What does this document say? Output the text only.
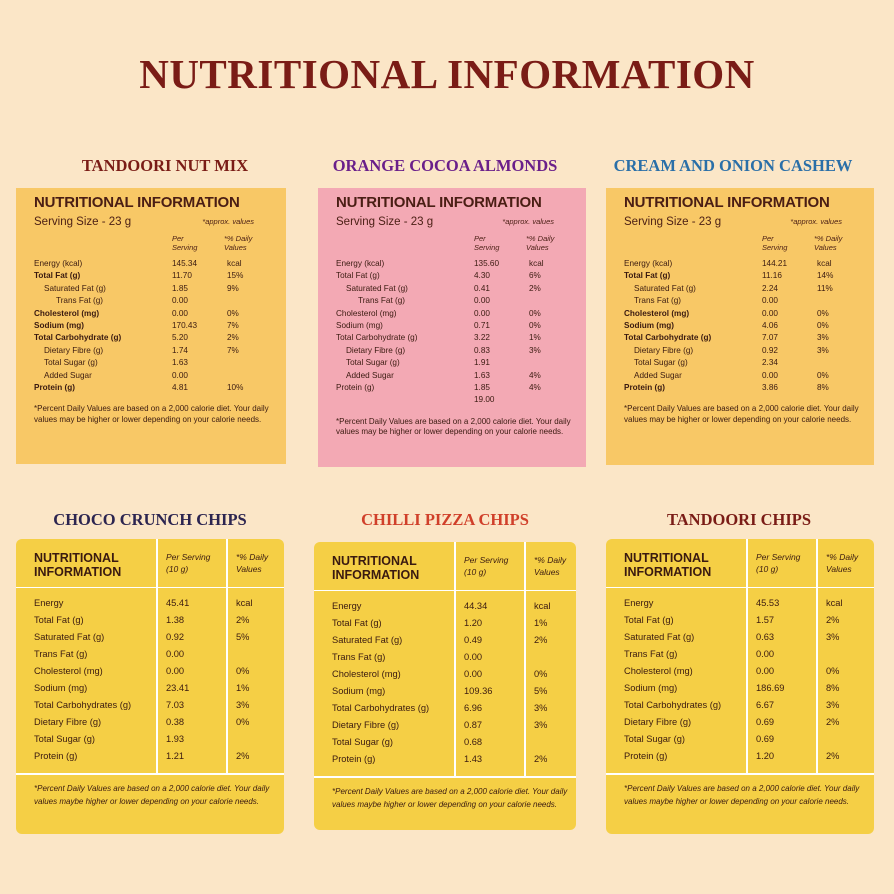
NUTRITIONAL INFORMATION
TANDOORI NUT MIX
NUTRITIONAL INFORMATION
Serving Size - 23 g	*approx. values
Per Serving
*% Daily Values
Energy (kcal)	145.34	kcal
Total Fat (g)	11.70	15%
Saturated Fat (g)	1.85	9%
Trans Fat (g)	0.00
Cholesterol (mg)	0.00	0%
Sodium (mg)	170.43	7%
Total Carbohydrate (g)	5.20	2%
Dietary Fibre (g)	1.74	7%
Total Sugar (g)	1.63
Added Sugar	0.00
Protein (g)	4.81	10%
*Percent Daily Values are based on a 2,000 calorie diet. Your daily values may be higher or lower depending on your calorie needs.
ORANGE COCOA ALMONDS
NUTRITIONAL INFORMATION
Serving Size - 23 g	*approx. values
Per Serving
*% Daily Values
Energy (kcal)	135.60	kcal
Total Fat (g)	4.30	6%
Saturated Fat (g)	0.41	2%
Trans Fat (g)	0.00
Cholesterol (mg)	0.00	0%
Sodium (mg)	0.71	0%
Total Carbohydrate (g)	3.22	1%
Dietary Fibre (g)	0.83	3%
Total Sugar (g)	1.91
Added Sugar	1.63	4%
Protein (g)	1.85	4%
19.00
*Percent Daily Values are based on a 2,000 calorie diet. Your daily values may be higher or lower depending on your calorie needs.
CREAM AND ONION CASHEW
NUTRITIONAL INFORMATION
Serving Size - 23 g	*approx. values
Per Serving
*% Daily Values
Energy (kcal)	144.21	kcal
Total Fat (g)	11.16	14%
Saturated Fat (g)	2.24	11%
Trans Fat (g)	0.00
Cholesterol (mg)	0.00	0%
Sodium (mg)	4.06	0%
Total Carbohydrate (g)	7.07	3%
Dietary Fibre (g)	0.92	3%
Total Sugar (g)	2.34
Added Sugar	0.00	0%
Protein (g)	3.86	8%
*Percent Daily Values are based on a 2,000 calorie diet. Your daily values may be higher or lower depending on your calorie needs.
CHOCO CRUNCH CHIPS
NUTRITIONAL INFORMATION
Per Serving (10 g)
*% Daily Values
Energy	45.41	kcal
Total Fat (g)	1.38	2%
Saturated Fat (g)	0.92	5%
Trans Fat (g)	0.00
Cholesterol (mg)	0.00	0%
Sodium (mg)	23.41	1%
Total Carbohydrates (g)	7.03	3%
Dietary Fibre (g)	0.38	0%
Total Sugar (g)	1.93
Protein (g)	1.21	2%
*Percent Daily Values are based on a 2,000 calorie diet. Your daily values maybe higher or lower depending on your calorie needs.
CHILLI PIZZA CHIPS
NUTRITIONAL INFORMATION
Per Serving (10 g)
*% Daily Values
Energy	44.34	kcal
Total Fat (g)	1.20	1%
Saturated Fat (g)	0.49	2%
Trans Fat (g)	0.00
Cholesterol (mg)	0.00	0%
Sodium (mg)	109.36	5%
Total Carbohydrates (g)	6.96	3%
Dietary Fibre (g)	0.87	3%
Total Sugar (g)	0.68
Protein (g)	1.43	2%
*Percent Daily Values are based on a 2,000 calorie diet. Your daily values maybe higher or lower depending on your calorie needs.
TANDOORI CHIPS
NUTRITIONAL INFORMATION
Per Serving (10 g)
*% Daily Values
Energy	45.53	kcal
Total Fat (g)	1.57	2%
Saturated Fat (g)	0.63	3%
Trans Fat (g)	0.00
Cholesterol (mg)	0.00	0%
Sodium (mg)	186.69	8%
Total Carbohydrates (g)	6.67	3%
Dietary Fibre (g)	0.69	2%
Total Sugar (g)	0.69
Protein (g)	1.20	2%
*Percent Daily Values are based on a 2,000 calorie diet. Your daily values maybe higher or lower depending on your calorie needs.
